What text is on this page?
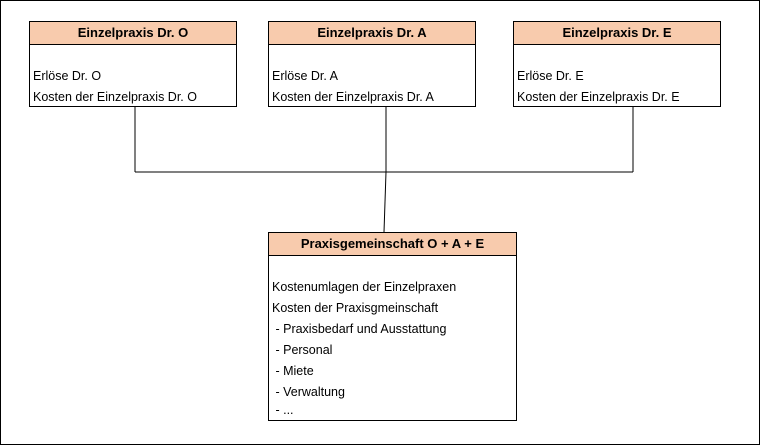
Einzelpraxis Dr. O
Erlöse Dr. O
Kosten der Einzelpraxis Dr. O
Einzelpraxis Dr. A
Erlöse Dr. A
Kosten der Einzelpraxis Dr. A
Einzelpraxis Dr. E
Erlöse Dr. E
Kosten der Einzelpraxis Dr. E
Praxisgemeinschaft O + A + E
Kostenumlagen der Einzelpraxen
Kosten der Praxisgmeinschaft
- Praxisbedarf und Ausstattung
- Personal
- Miete
- Verwaltung
- ...
